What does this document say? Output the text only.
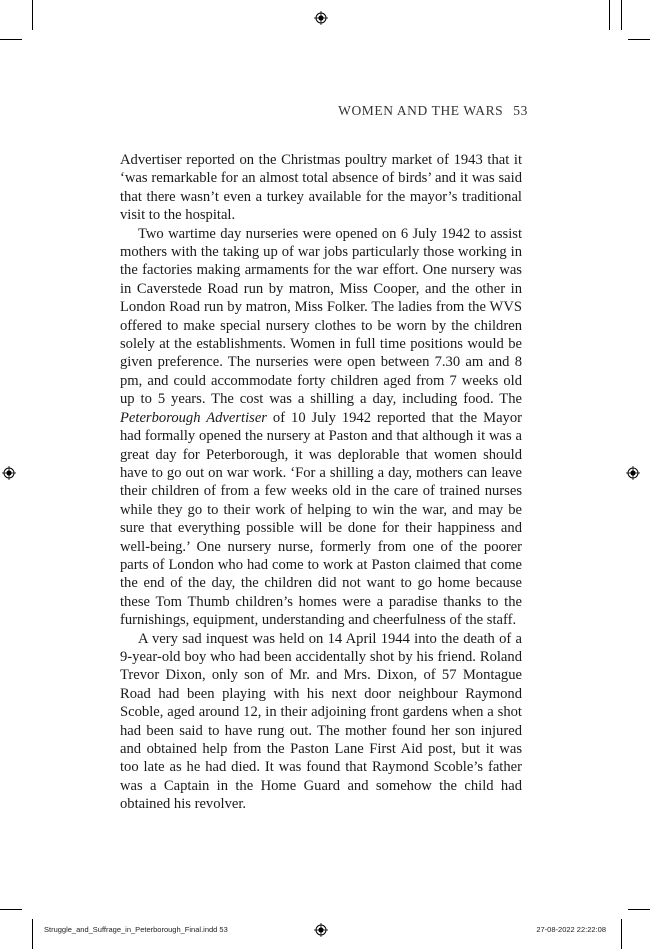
WOMEN AND THE WARS 53

Advertiser reported on the Christmas poultry market of 1943 that it ‘was remarkable for an almost total absence of birds’ and it was said that there wasn’t even a turkey available for the mayor’s traditional visit to the hospital.

Two wartime day nurseries were opened on 6 July 1942 to assist mothers with the taking up of war jobs particularly those working in the factories making armaments for the war effort. One nursery was in Caverstede Road run by matron, Miss Cooper, and the other in London Road run by matron, Miss Folker. The ladies from the WVS offered to make special nursery clothes to be worn by the children solely at the establishments. Women in full time positions would be given preference. The nurseries were open between 7.30 am and 8 pm, and could accommodate forty children aged from 7 weeks old up to 5 years. The cost was a shilling a day, including food. The Peterborough Advertiser of 10 July 1942 reported that the Mayor had formally opened the nursery at Paston and that although it was a great day for Peterborough, it was deplorable that women should have to go out on war work. ‘For a shilling a day, mothers can leave their children of from a few weeks old in the care of trained nurses while they go to their work of helping to win the war, and may be sure that everything possible will be done for their happiness and well-being.’ One nursery nurse, formerly from one of the poorer parts of London who had come to work at Paston claimed that come the end of the day, the children did not want to go home because these Tom Thumb children’s homes were a paradise thanks to the furnishings, equipment, understanding and cheerfulness of the staff.

A very sad inquest was held on 14 April 1944 into the death of a 9-year-old boy who had been accidentally shot by his friend. Roland Trevor Dixon, only son of Mr. and Mrs. Dixon, of 57 Montague Road had been playing with his next door neighbour Raymond Scoble, aged around 12, in their adjoining front gardens when a shot had been said to have rung out. The mother found her son injured and obtained help from the Paston Lane First Aid post, but it was too late as he had died. It was found that Raymond Scoble’s father was a Captain in the Home Guard and somehow the child had obtained his revolver.

Struggle_and_Suffrage_in_Peterborough_Final.indd 53	27-08-2022 22:22:08
